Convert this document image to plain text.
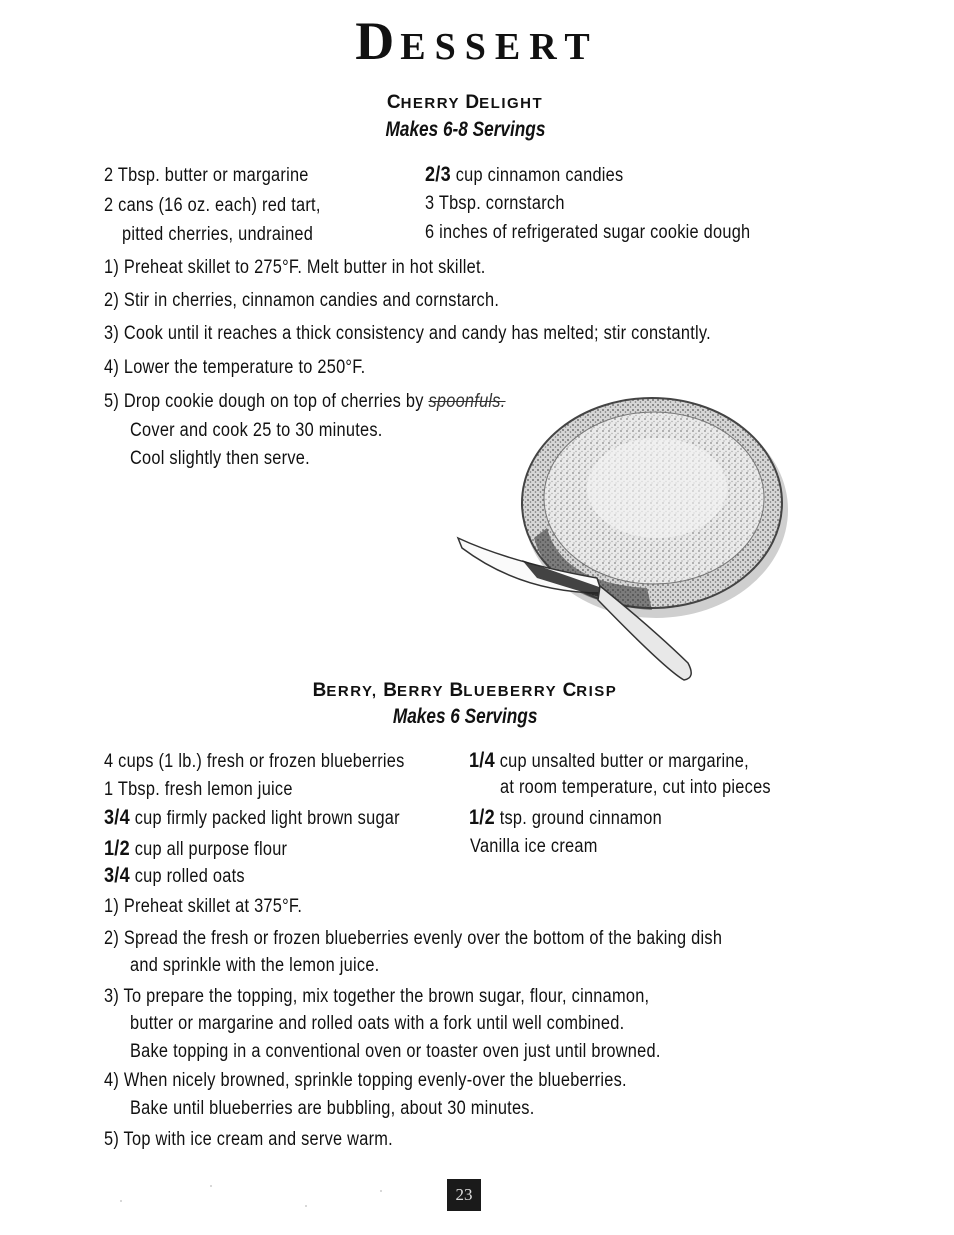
DESSERT
CHERRY DELIGHT
Makes 6-8 Servings
2 Tbsp. butter or margarine
2 cans (16 oz. each) red tart,
pitted cherries, undrained
2/3 cup cinnamon candies
3 Tbsp. cornstarch
6 inches of refrigerated sugar cookie dough
1) Preheat skillet to 275°F. Melt butter in hot skillet.
2) Stir in cherries, cinnamon candies and cornstarch.
3) Cook until it reaches a thick consistency and candy has melted; stir constantly.
4) Lower the temperature to 250°F.
5) Drop cookie dough on top of cherries by spoonfuls.
Cover and cook 25 to 30 minutes.
Cool slightly then serve.
BERRY, BERRY BLUEBERRY CRISP
Makes 6 Servings
4 cups (1 lb.) fresh or frozen blueberries
1 Tbsp. fresh lemon juice
3/4 cup firmly packed light brown sugar
1/2 cup all purpose flour
3/4 cup rolled oats
1/4 cup unsalted butter or margarine,
at room temperature, cut into pieces
1/2 tsp. ground cinnamon
Vanilla ice cream
1) Preheat skillet at 375°F.
2) Spread the fresh or frozen blueberries evenly over the bottom of the baking dish
and sprinkle with the lemon juice.
3) To prepare the topping, mix together the brown sugar, flour, cinnamon,
butter or margarine and rolled oats with a fork until well combined.
Bake topping in a conventional oven or toaster oven just until browned.
4) When nicely browned, sprinkle topping evenly-over the blueberries.
Bake until blueberries are bubbling, about 30 minutes.
5) Top with ice cream and serve warm.
23
